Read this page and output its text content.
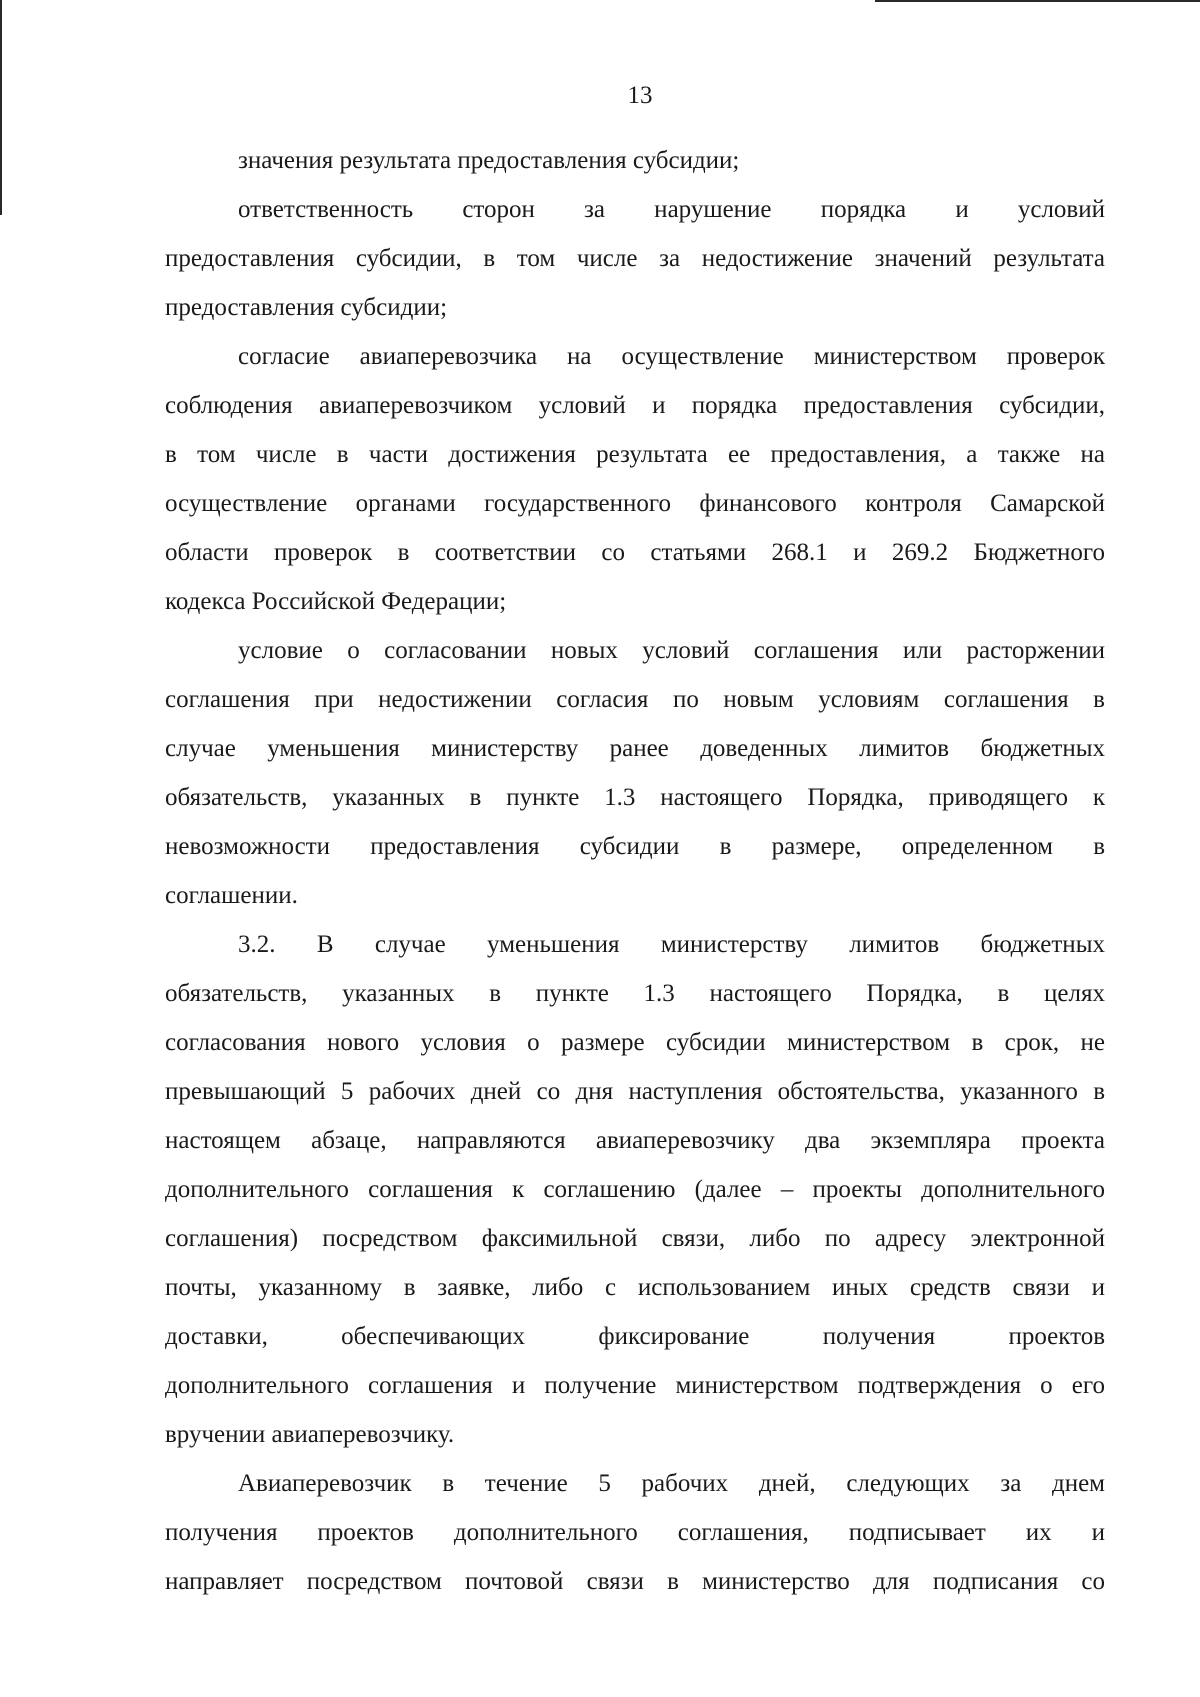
13
значения результата предоставления субсидии;
ответственность сторон за нарушение порядка и условий
предоставления субсидии, в том числе за недостижение значений результата
предоставления субсидии;
согласие авиаперевозчика на осуществление министерством проверок
соблюдения авиаперевозчиком условий и порядка предоставления субсидии,
в том числе в части достижения результата ее предоставления, а также на
осуществление органами государственного финансового контроля Самарской
области проверок в соответствии со статьями 268.1 и 269.2 Бюджетного
кодекса Российской Федерации;
условие о согласовании новых условий соглашения или расторжении
соглашения при недостижении согласия по новым условиям соглашения в
случае уменьшения министерству ранее доведенных лимитов бюджетных
обязательств, указанных в пункте 1.3 настоящего Порядка, приводящего к
невозможности предоставления субсидии в размере, определенном в
соглашении.
3.2. В случае уменьшения министерству лимитов бюджетных
обязательств, указанных в пункте 1.3 настоящего Порядка, в целях
согласования нового условия о размере субсидии министерством в срок, не
превышающий 5 рабочих дней со дня наступления обстоятельства, указанного в
настоящем абзаце, направляются авиаперевозчику два экземпляра проекта
дополнительного соглашения к соглашению (далее – проекты дополнительного
соглашения) посредством факсимильной связи, либо по адресу электронной
почты, указанному в заявке, либо с использованием иных средств связи и
доставки, обеспечивающих фиксирование получения проектов
дополнительного соглашения и получение министерством подтверждения о его
вручении авиаперевозчику.
Авиаперевозчик в течение 5 рабочих дней, следующих за днем
получения проектов дополнительного соглашения, подписывает их и
направляет посредством почтовой связи в министерство для подписания со
